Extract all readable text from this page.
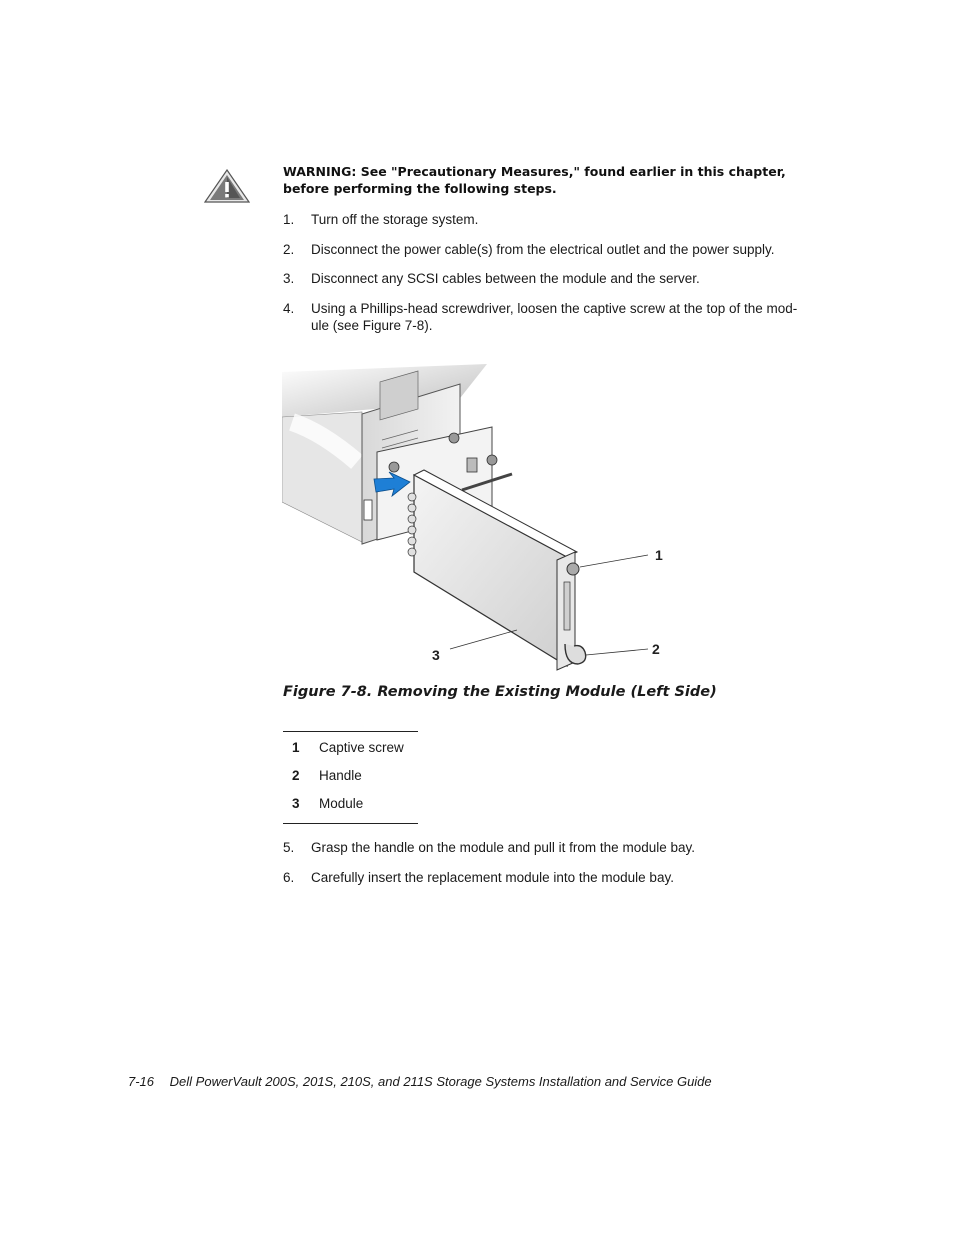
WARNING: See "Precautionary Measures," found earlier in this chapter,
before performing the following steps.
1.	Turn off the storage system.
2.	Disconnect the power cable(s) from the electrical outlet and the power supply.
3.	Disconnect any SCSI cables between the module and the server.
4.	Using a Phillips-head screwdriver, loosen the captive screw at the top of the mod-
ule (see Figure 7-8).
1
2
3
Figure 7-8. Removing the Existing Module (Left Side)
1 Captive screw
2 Handle
3 Module
5.	Grasp the handle on the module and pull it from the module bay.
6.	Carefully insert the replacement module into the module bay.
7-16 Dell PowerVault 200S, 201S, 210S, and 211S Storage Systems Installation and Service Guide
